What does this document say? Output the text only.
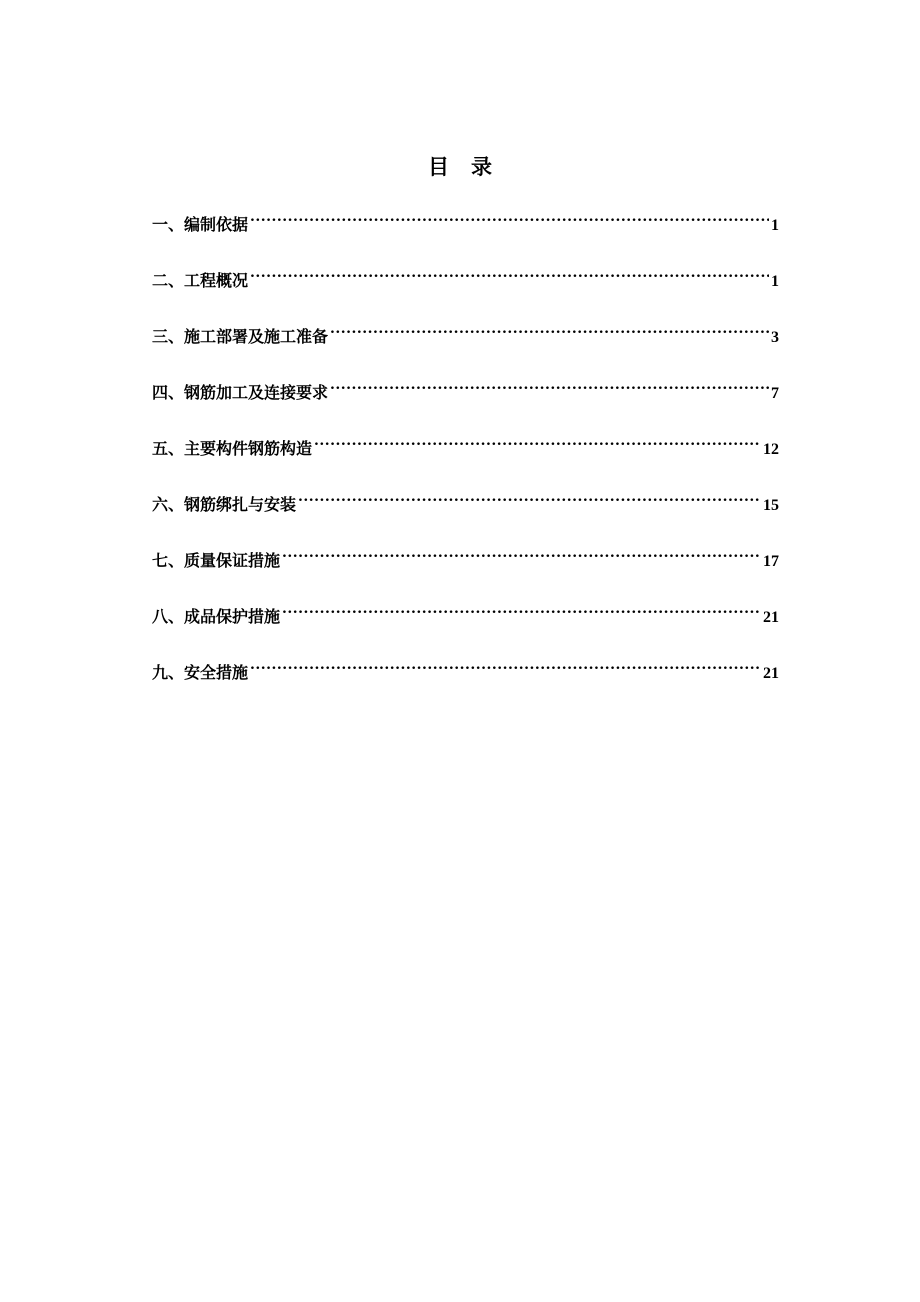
目 录
一、编制依据 .....	1
二、工程概况 .....	1
三、施工部署及施工准备 .....	3
四、钢筋加工及连接要求 .....	7
五、主要构件钢筋构造 .....	12
六、钢筋绑扎与安装 .....	15
七、质量保证措施 .....	17
八、成品保护措施 .....	21
九、安全措施 .....	21
